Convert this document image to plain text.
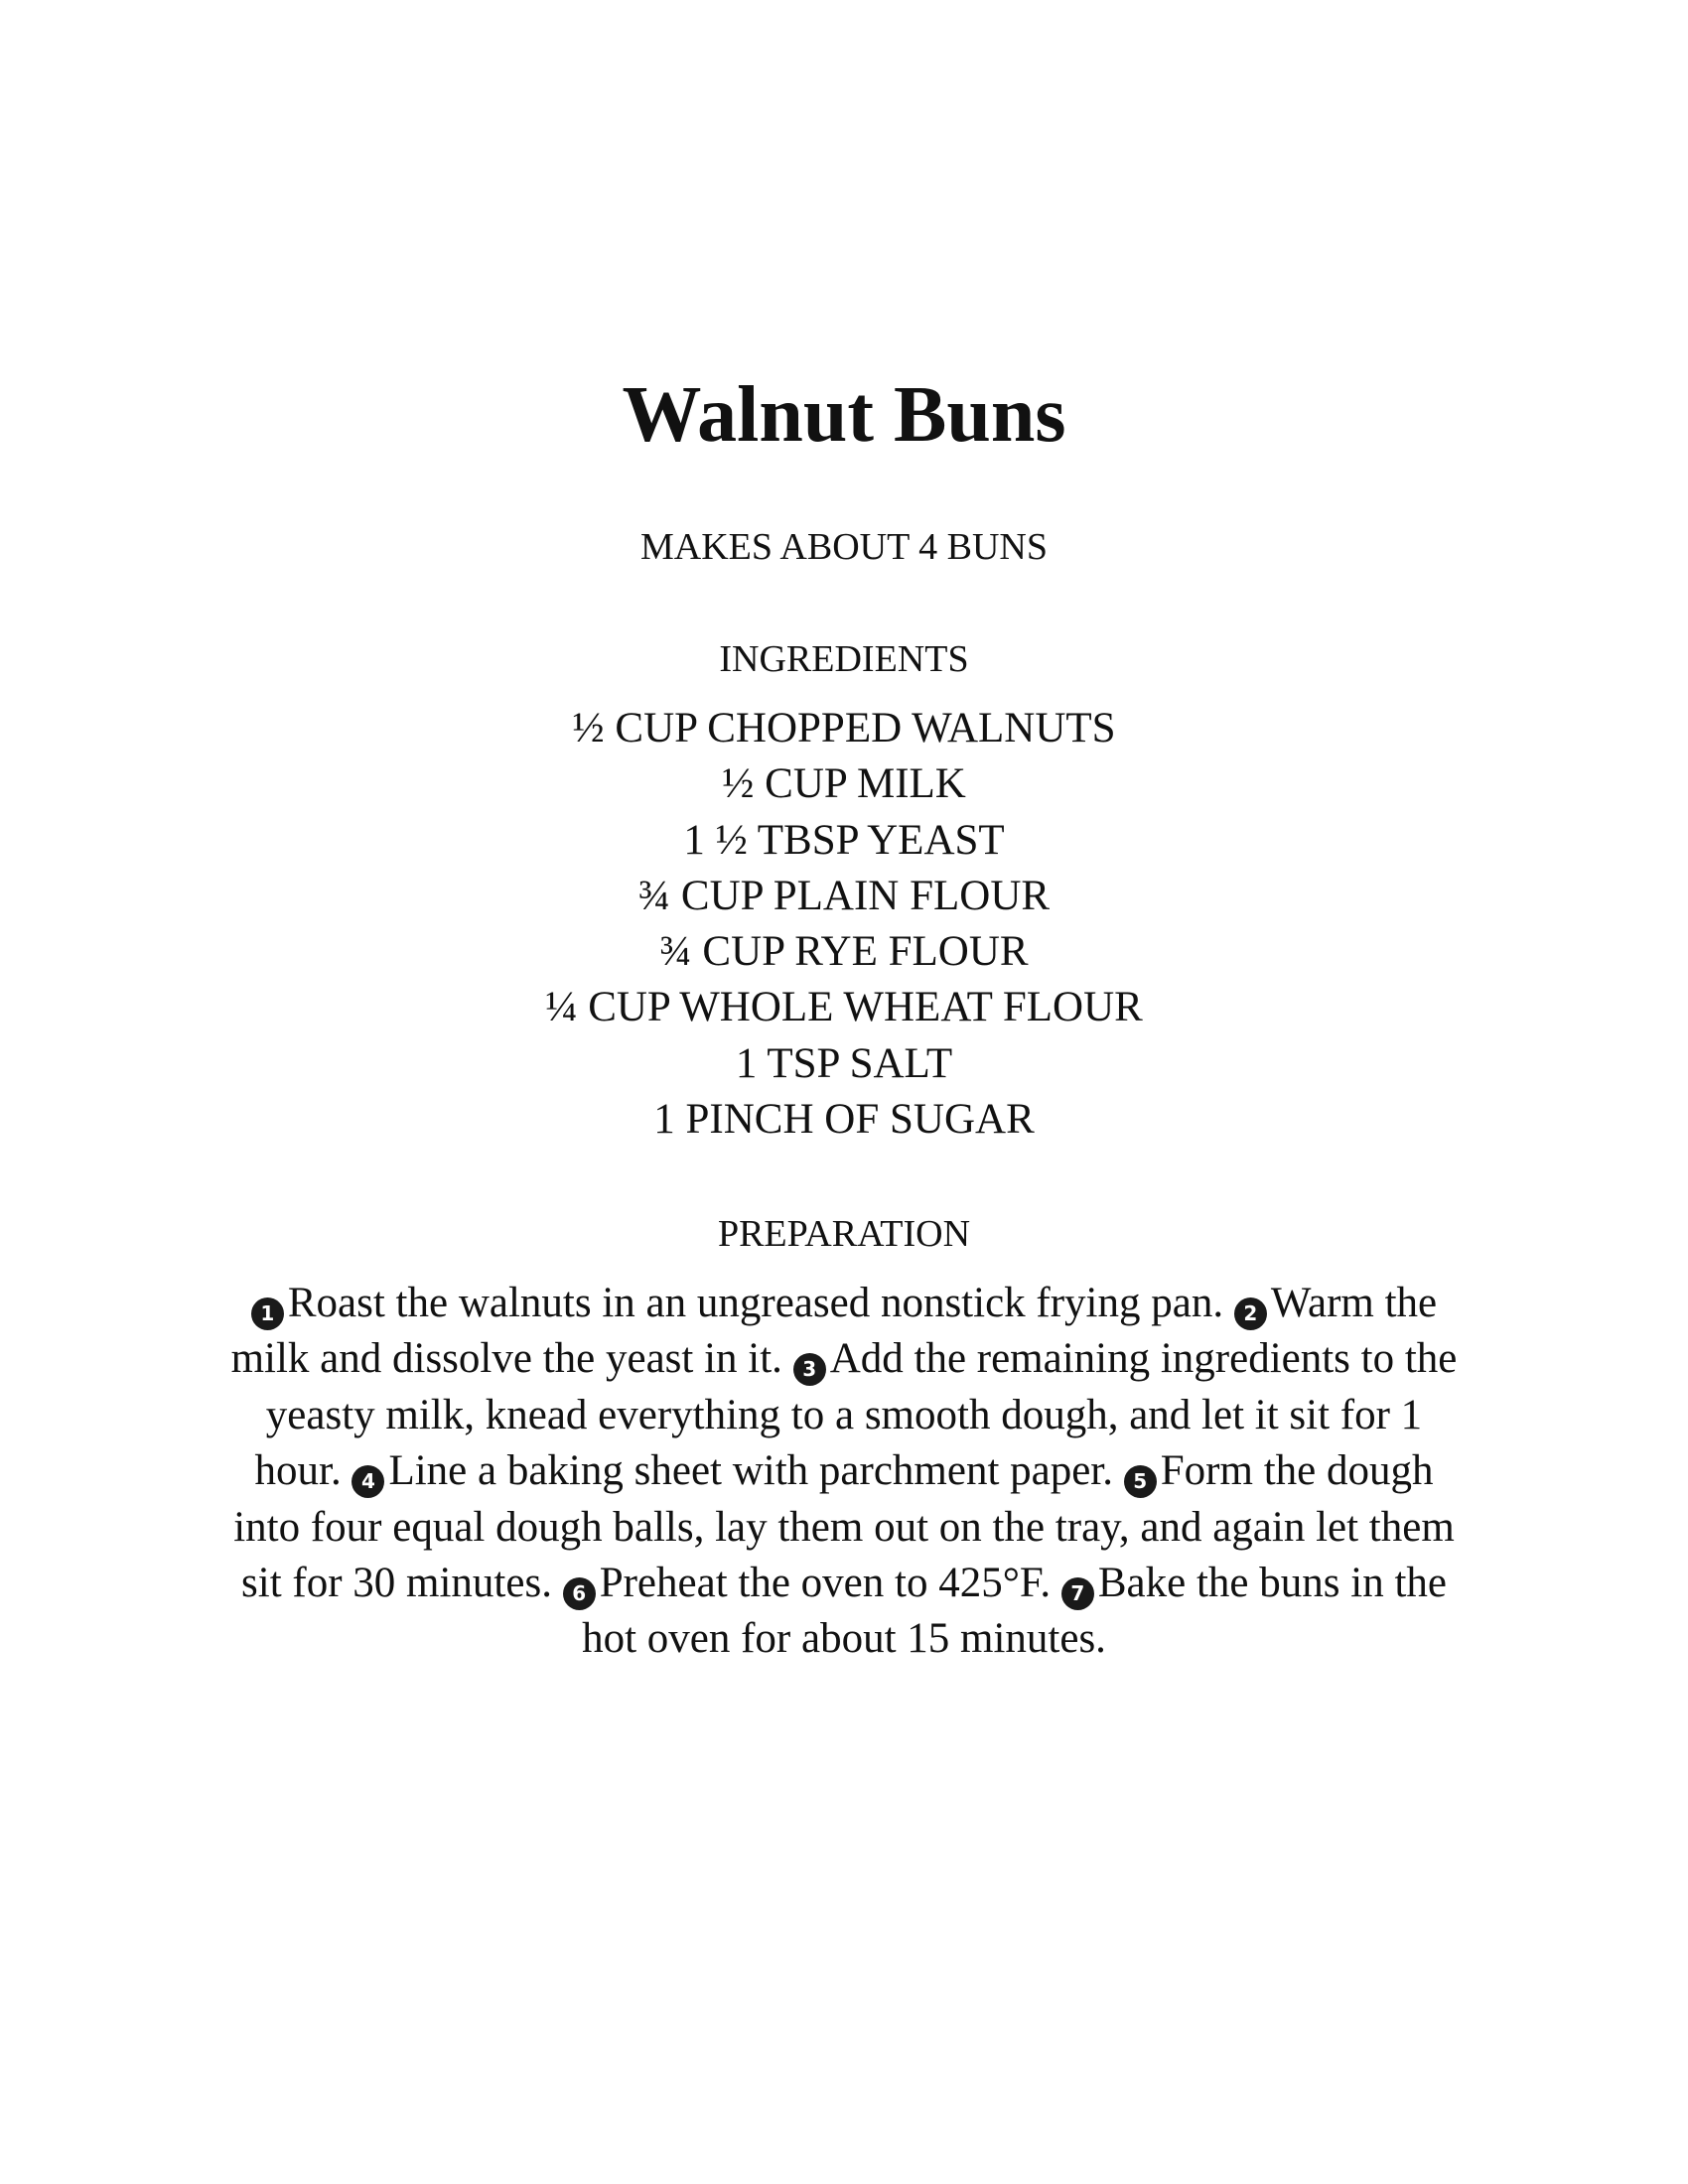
Walnut Buns
MAKES ABOUT 4 BUNS
INGREDIENTS
½ CUP CHOPPED WALNUTS
½ CUP MILK
1 ½ TBSP YEAST
¾ CUP PLAIN FLOUR
¾ CUP RYE FLOUR
¼ CUP WHOLE WHEAT FLOUR
1 TSP SALT
1 PINCH OF SUGAR
PREPARATION
1 Roast the walnuts in an ungreased nonstick frying pan. 2 Warm the milk and dissolve the yeast in it. 3 Add the remaining ingredients to the yeasty milk, knead everything to a smooth dough, and let it sit for 1 hour. 4 Line a baking sheet with parchment paper. 5 Form the dough into four equal dough balls, lay them out on the tray, and again let them sit for 30 minutes. 6 Preheat the oven to 425°F. 7 Bake the buns in the hot oven for about 15 minutes.
